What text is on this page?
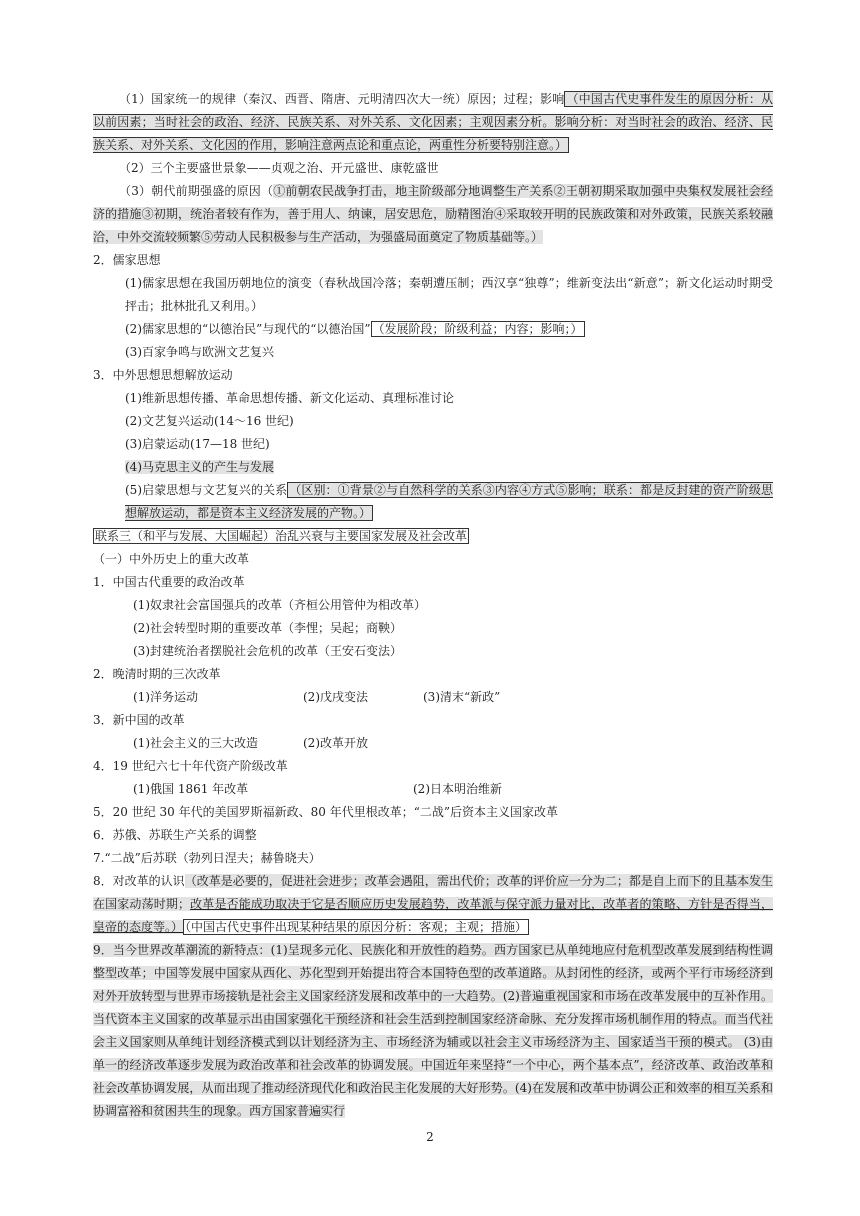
（1）国家统一的规律（秦汉、西晋、隋唐、元明清四次大一统）原因；过程；影响 （中国古代史事件发生的原因分析：从以前因素；当时社会的政治、经济、民族关系、对外关系、文化因素；主观因素分析。影响分析：对当时社会的政治、经济、民族关系、对外关系、文化因的作用，影响注意两点论和重点论，两重性分析要特别注意。）

（2）三个主要盛世景象——贞观之治、开元盛世、康乾盛世

（3）朝代前期强盛的原因（①前朝农民战争打击，地主阶级部分地调整生产关系②王朝初期采取加强中央集权发展社会经济的措施③初期，统治者较有作为，善于用人、纳谏，居安思危，励精图治④采取较开明的民族政策和对外政策，民族关系较融洽，中外交流较频繁⑤劳动人民积极参与生产活动，为强盛局面奠定了物质基础等。）

2．儒家思想

(1)儒家思想在我国历朝地位的演变（春秋战国冷落；秦朝遭压制；西汉享“独尊”；维新变法出“新意”；新文化运动时期受抨击；批林批孔又利用。）

(2)儒家思想的“以德治民”与现代的“以德治国” （发展阶段；阶级利益；内容；影响；）

(3)百家争鸣与欧洲文艺复兴

3．中外思想思想解放运动

(1)维新思想传播、革命思想传播、新文化运动、真理标准讨论

(2)文艺复兴运动(14～16 世纪)

(3)启蒙运动(17—18 世纪)

(4)马克思主义的产生与发展

(5)启蒙思想与文艺复兴的关系 （区别：①背景②与自然科学的关系③内容④方式⑤影响；联系：都是反封建的资产阶级思想解放运动，都是资本主义经济发展的产物。）

联系三（和平与发展、大国崛起）治乱兴衰与主要国家发展及社会改革

（一）中外历史上的重大改革

1．中国古代重要的政治改革

(1)奴隶社会富国强兵的改革（齐桓公用管仲为相改革）

(2)社会转型时期的重要改革（李悝；吴起；商鞅）

(3)封建统治者摆脱社会危机的改革（王安石变法）

2．晚清时期的三次改革

(1)洋务运动	(2)戊戌变法	(3)清末“新政”

3．新中国的改革

(1)社会主义的三大改造	(2)改革开放

4．19 世纪六七十年代资产阶级改革

(1)俄国 1861 年改革	(2)日本明治维新

5．20 世纪 30 年代的美国罗斯福新政、80 年代里根改革；“二战”后资本主义国家改革

6．苏俄、苏联生产关系的调整

7.“二战”后苏联（勃列日涅夫；赫鲁晓夫）

8．对改革的认识（改革是必要的，促进社会进步；改革会遇阻，需出代价；改革的评价应一分为二；都是自上而下的且基本发生在国家动荡时期；改革是否能成功取决于它是否顺应历史发展趋势，改革派与保守派力量对比，改革者的策略、方针是否得当，皇帝的态度等。） （中国古代史事件出现某种结果的原因分析：客观；主观；措施）

9．当今世界改革潮流的新特点：(1)呈现多元化、民族化和开放性的趋势。西方国家已从单纯地应付危机型改革发展到结构性调整型改革；中国等发展中国家从西化、苏化型到开始提出符合本国特色型的改革道路。从封闭性的经济，或两个平行市场经济到对外开放转型与世界市场接轨是社会主义国家经济发展和改革中的一大趋势。(2)普遍重视国家和市场在改革发展中的互补作用。当代资本主义国家的改革显示出由国家强化干预经济和社会生活到控制国家经济命脉、充分发挥市场机制作用的特点。而当代社会主义国家则从单纯计划经济模式到以计划经济为主、市场经济为辅或以社会主义市场经济为主、国家适当干预的模式。 (3)由单一的经济改革逐步发展为政治改革和社会改革的协调发展。中国近年来坚持“一个中心，两个基本点”，经济改革、政治改革和社会改革协调发展，从而出现了推动经济现代化和政治民主化发展的大好形势。(4)在发展和改革中协调公正和效率的相互关系和协调富裕和贫困共生的现象。西方国家普遍实行

2
